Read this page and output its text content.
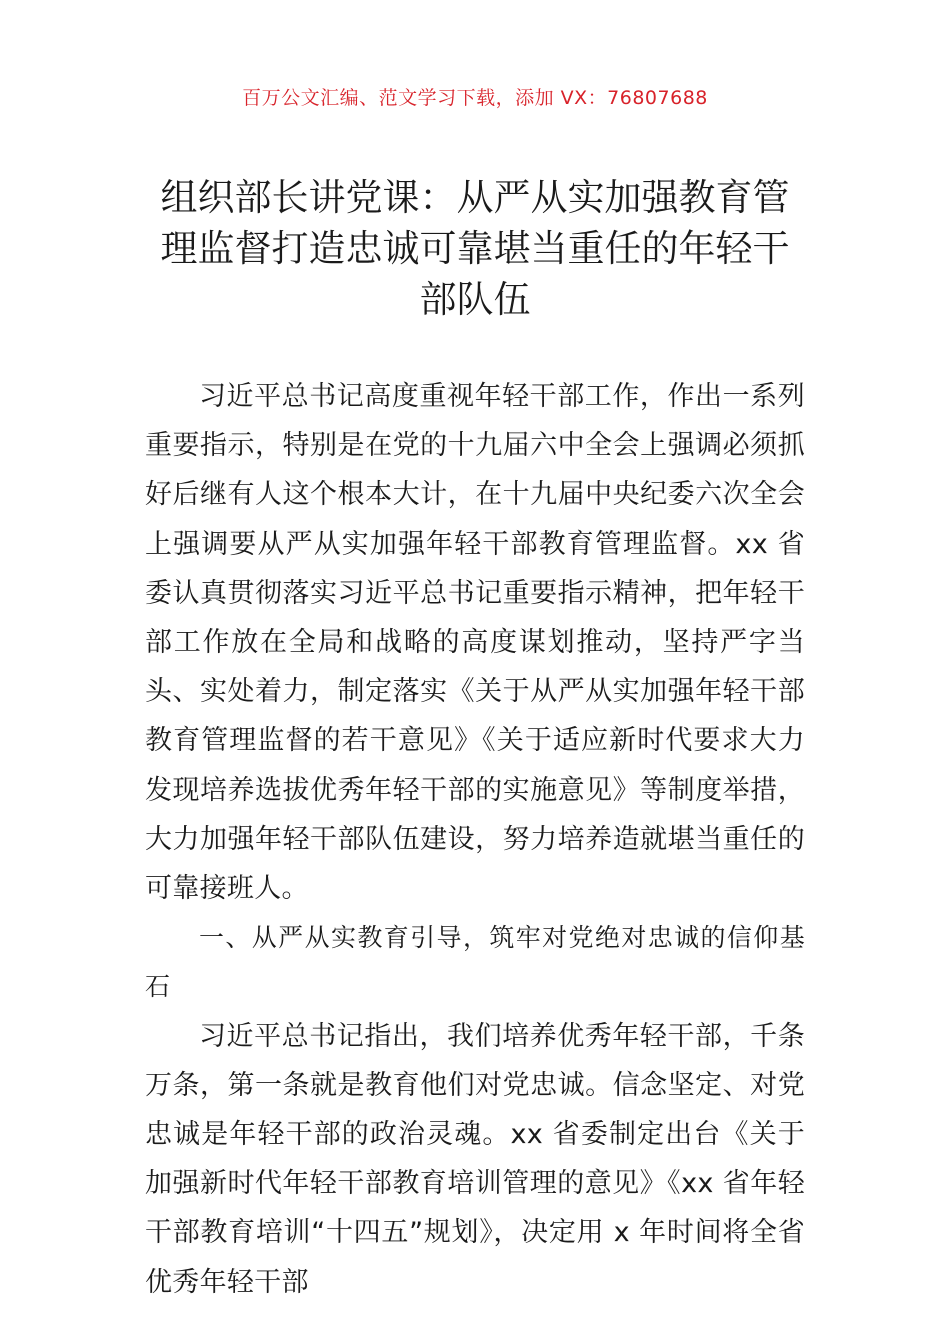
百万公文汇编、范文学习下载，添加 VX：76807688
组织部长讲党课：从严从实加强教育管理监督打造忠诚可靠堪当重任的年轻干部队伍

习近平总书记高度重视年轻干部工作，作出一系列重要指示，特别是在党的十九届六中全会上强调必须抓好后继有人这个根本大计，在十九届中央纪委六次全会上强调要从严从实加强年轻干部教育管理监督。xx 省委认真贯彻落实习近平总书记重要指示精神，把年轻干部工作放在全局和战略的高度谋划推动，坚持严字当头、实处着力，制定落实《关于从严从实加强年轻干部教育管理监督的若干意见》《关于适应新时代要求大力发现培养选拔优秀年轻干部的实施意见》等制度举措，大力加强年轻干部队伍建设，努力培养造就堪当重任的可靠接班人。

一、从严从实教育引导，筑牢对党绝对忠诚的信仰基石

习近平总书记指出，我们培养优秀年轻干部，千条万条，第一条就是教育他们对党忠诚。信念坚定、对党忠诚是年轻干部的政治灵魂。xx 省委制定出台《关于加强新时代年轻干部教育培训管理的意见》《xx 省年轻干部教育培训“十四五”规划》，决定用 x 年时间将全省优秀年轻干部
